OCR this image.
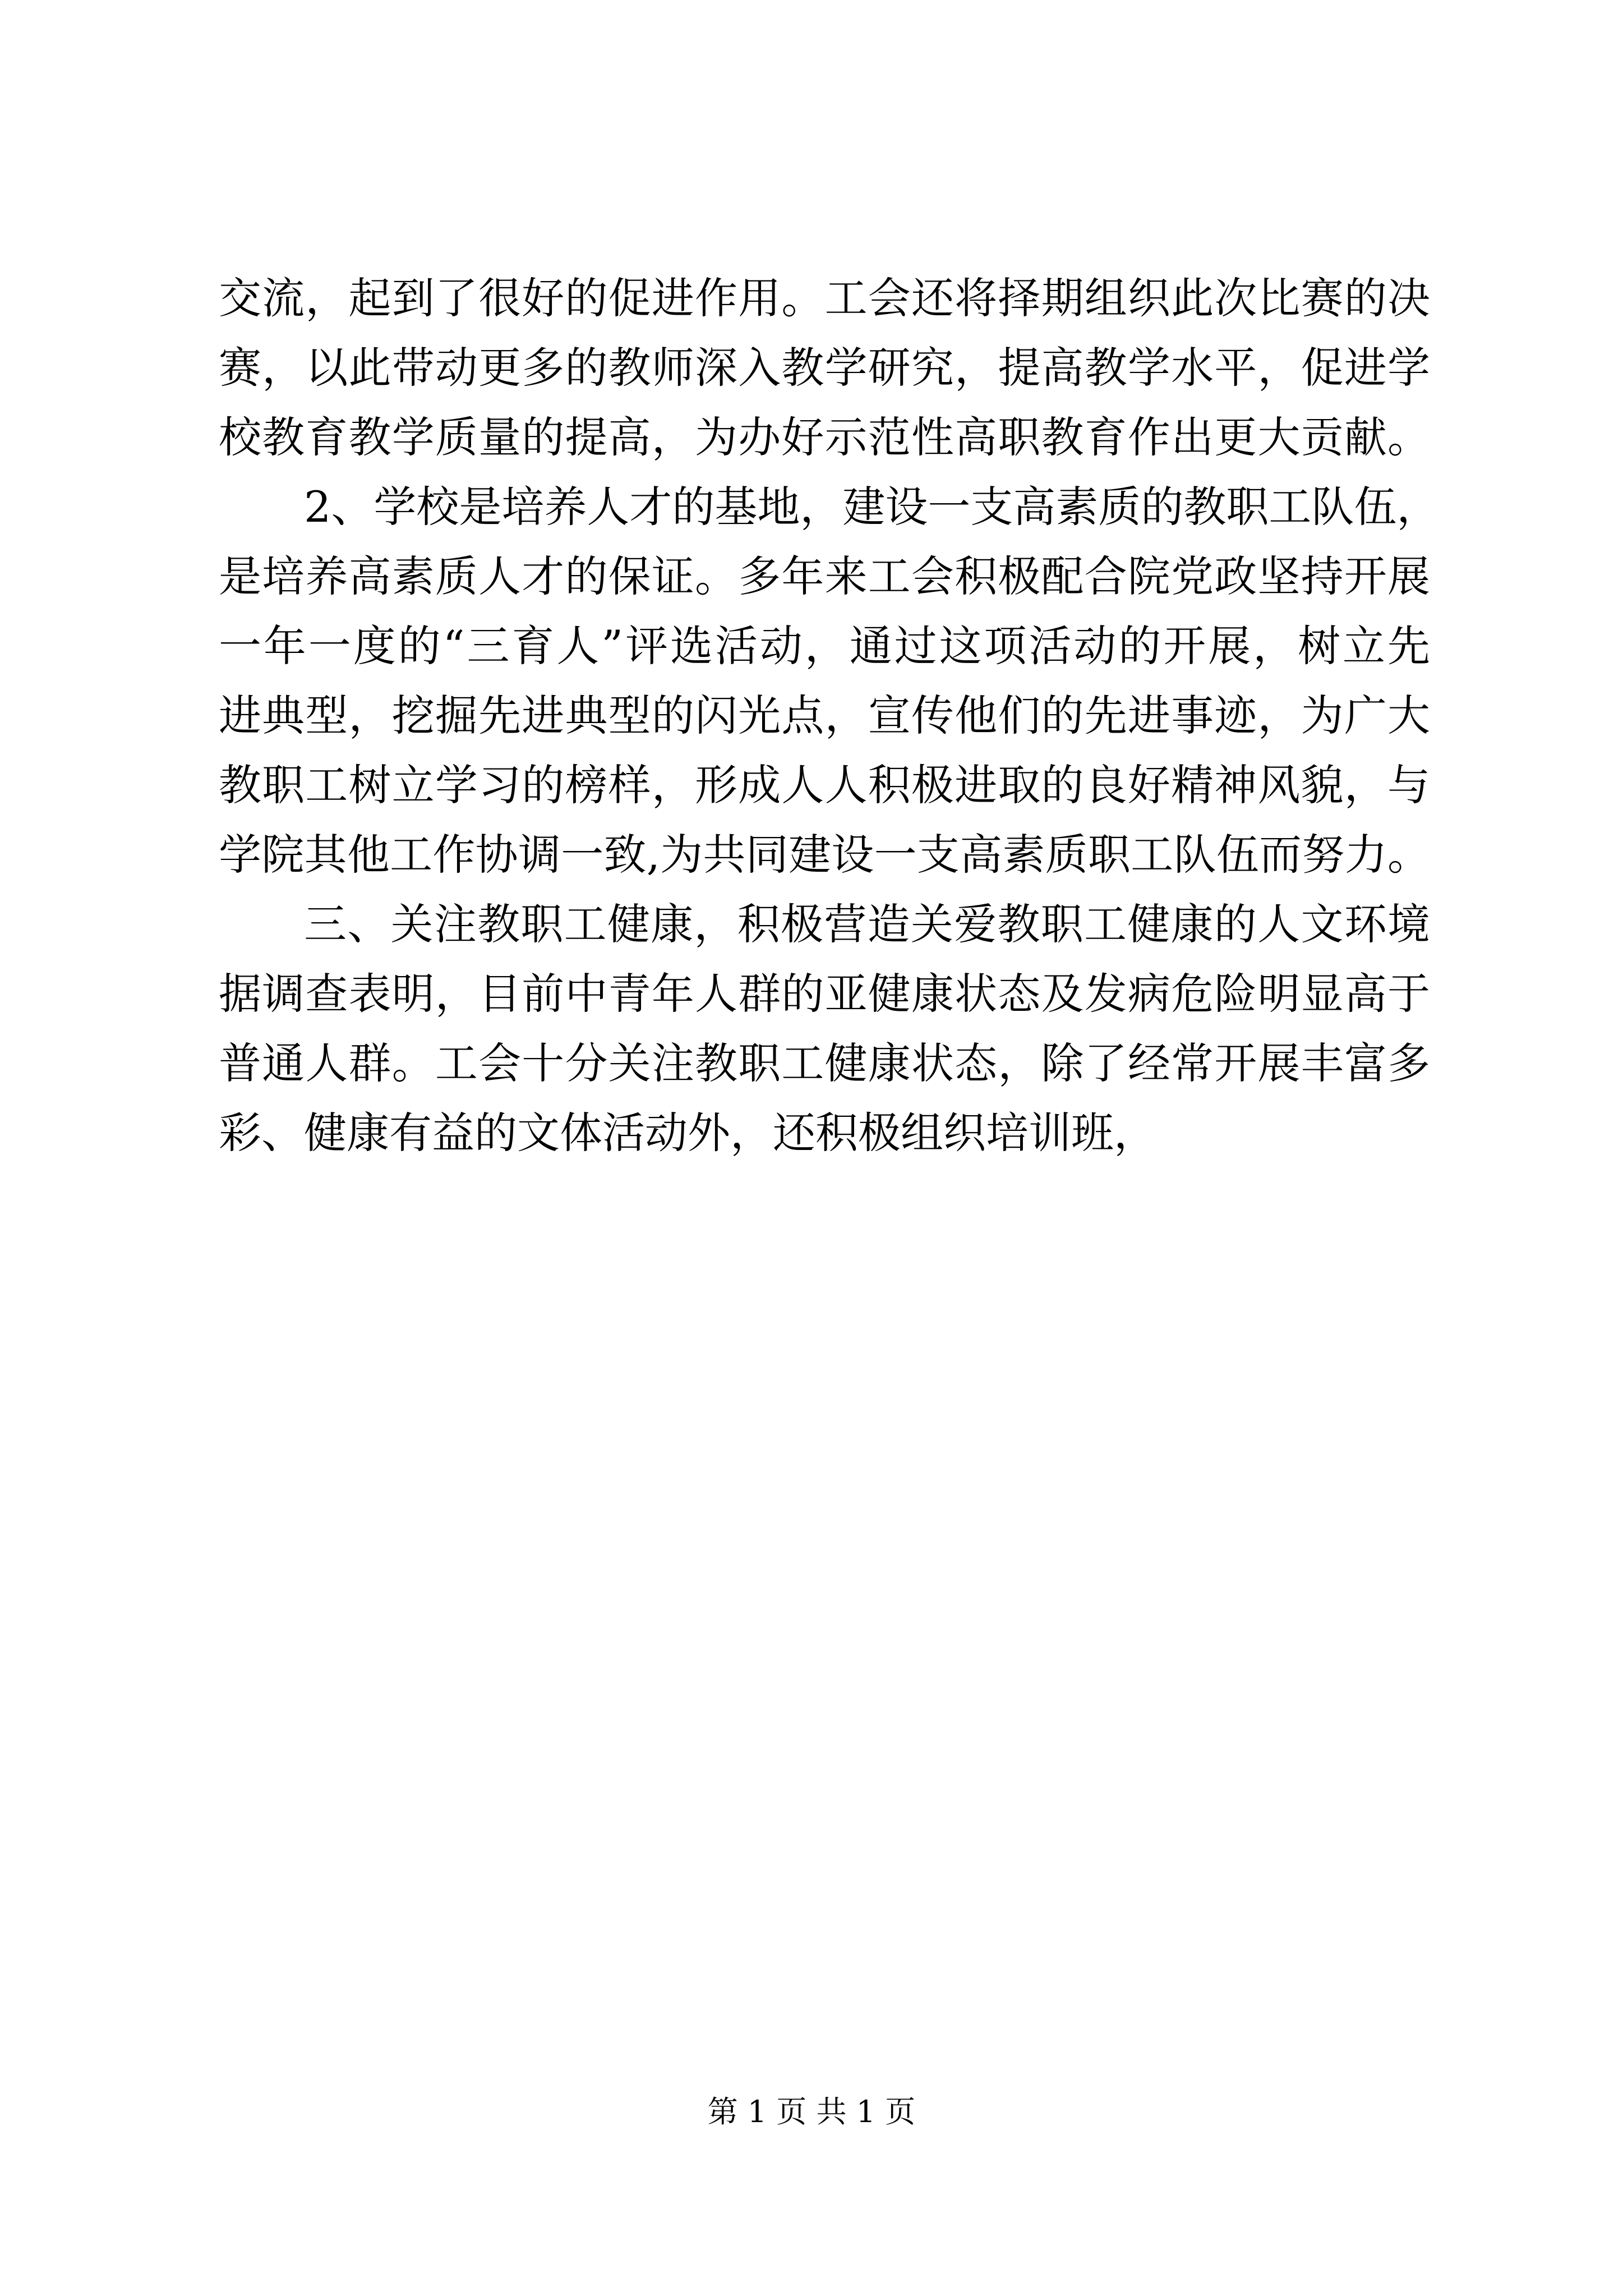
交流，起到了很好的促进作用。工会还将择期组织此次比赛的决
赛，以此带动更多的教师深入教学研究，提高教学水平，促进学
校教育教学质量的提高，为办好示范性高职教育作出更大贡献。
2、学校是培养人才的基地，建设一支高素质的教职工队伍，
是培养高素质人才的保证。多年来工会积极配合院党政坚持开展
一年一度的“三育人”评选活动，通过这项活动的开展，树立先
进典型，挖掘先进典型的闪光点，宣传他们的先进事迹，为广大
教职工树立学习的榜样，形成人人积极进取的良好精神风貌，与
学院其他工作协调一致,为共同建设一支高素质职工队伍而努力。
三、关注教职工健康，积极营造关爱教职工健康的人文环境
据调查表明，目前中青年人群的亚健康状态及发病危险明显高于
普通人群。工会十分关注教职工健康状态，除了经常开展丰富多
彩、健康有益的文体活动外，还积极组织培训班，
第 1 页 共 1 页
